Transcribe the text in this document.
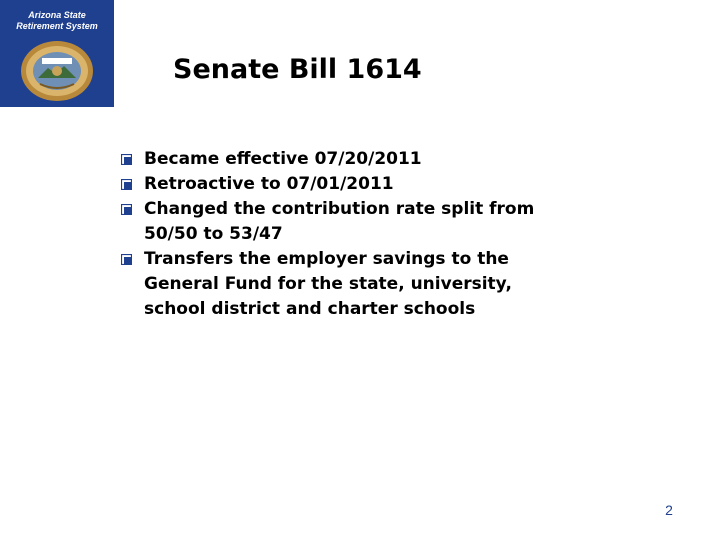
Arizona State
Retirement System
Senate Bill 1614
Became effective 07/20/2011
Retroactive to 07/01/2011
Changed the contribution rate split from
50/50 to 53/47
Transfers the employer savings to the
General Fund for the state, university,
school district and charter schools
2
